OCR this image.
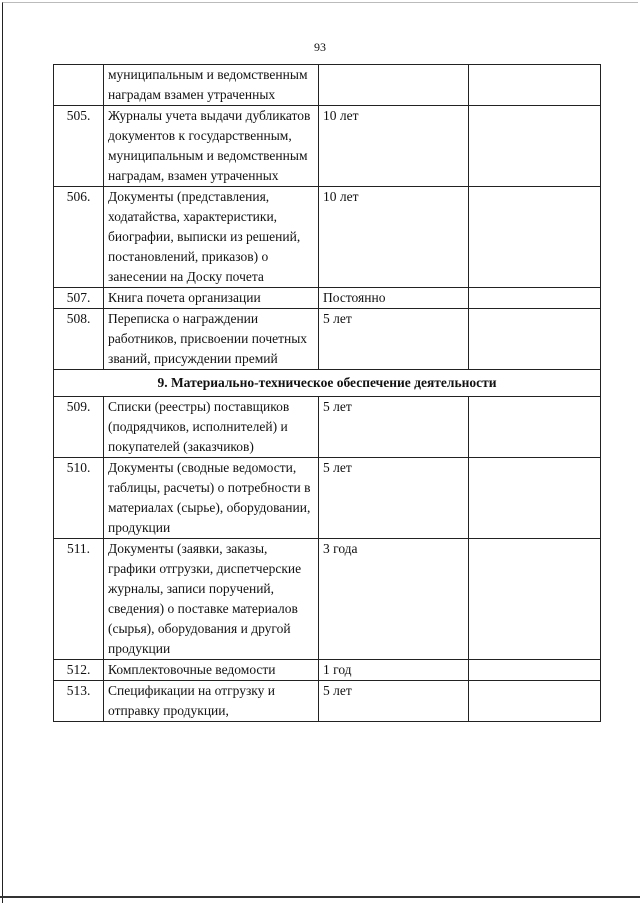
93
	муниципальным и ведомственным наградам взамен утраченных		
505.	Журналы учета выдачи дубликатов документов к государственным, муниципальным и ведомственным наградам, взамен утраченных	10 лет	
506.	Документы (представления, ходатайства, характеристики, биографии, выписки из решений, постановлений, приказов) о занесении на Доску почета	10 лет	
507.	Книга почета организации	Постоянно	
508.	Переписка о награждении работников, присвоении почетных званий, присуждении премий	5 лет	
9. Материально-техническое обеспечение деятельности			
509.	Списки (реестры) поставщиков (подрядчиков, исполнителей) и покупателей (заказчиков)	5 лет	
510.	Документы (сводные ведомости, таблицы, расчеты) о потребности в материалах (сырье), оборудовании, продукции	5 лет	
511.	Документы (заявки, заказы, графики отгрузки, диспетчерские журналы, записи поручений, сведения) о поставке материалов (сырья), оборудования и другой продукции	3 года	
512.	Комплектовочные ведомости	1 год	
513.	Спецификации на отгрузку и отправку продукции,	5 лет	
